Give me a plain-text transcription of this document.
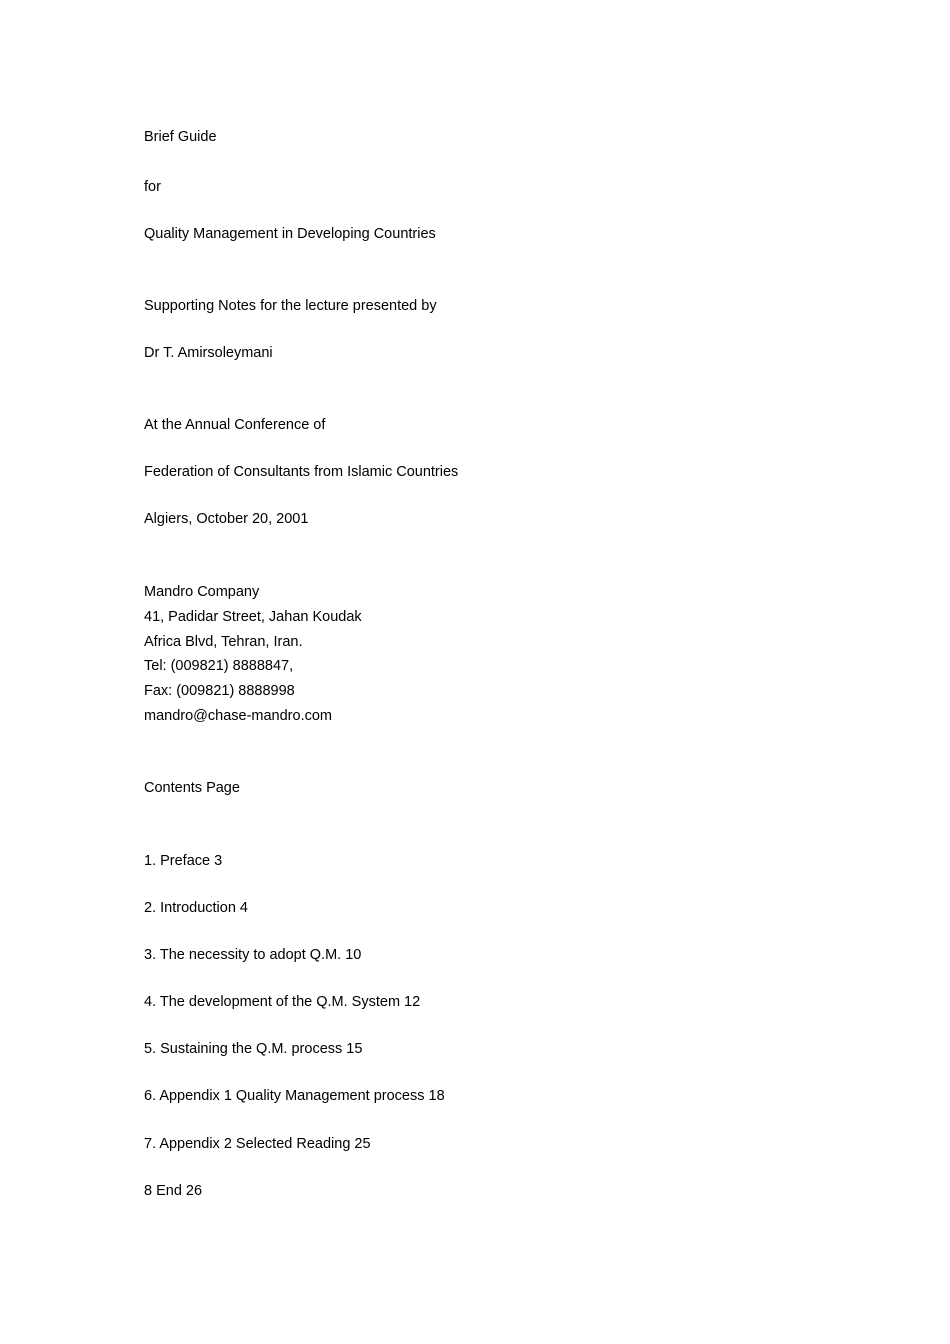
Brief Guide
for
Quality Management in Developing Countries
Supporting Notes for the lecture presented by
Dr T. Amirsoleymani
At the Annual Conference of
Federation of Consultants from Islamic Countries
Algiers, October 20, 2001
Mandro Company
41, Padidar Street, Jahan Koudak
Africa Blvd, Tehran, Iran.
Tel: (009821) 8888847,
Fax: (009821) 8888998
mandro@chase-mandro.com
Contents Page
1. Preface 3
2. Introduction 4
3. The necessity to adopt Q.M. 10
4. The development of the Q.M. System 12
5. Sustaining the Q.M. process 15
6. Appendix 1 Quality Management process 18
7. Appendix 2 Selected Reading 25
8 End 26
